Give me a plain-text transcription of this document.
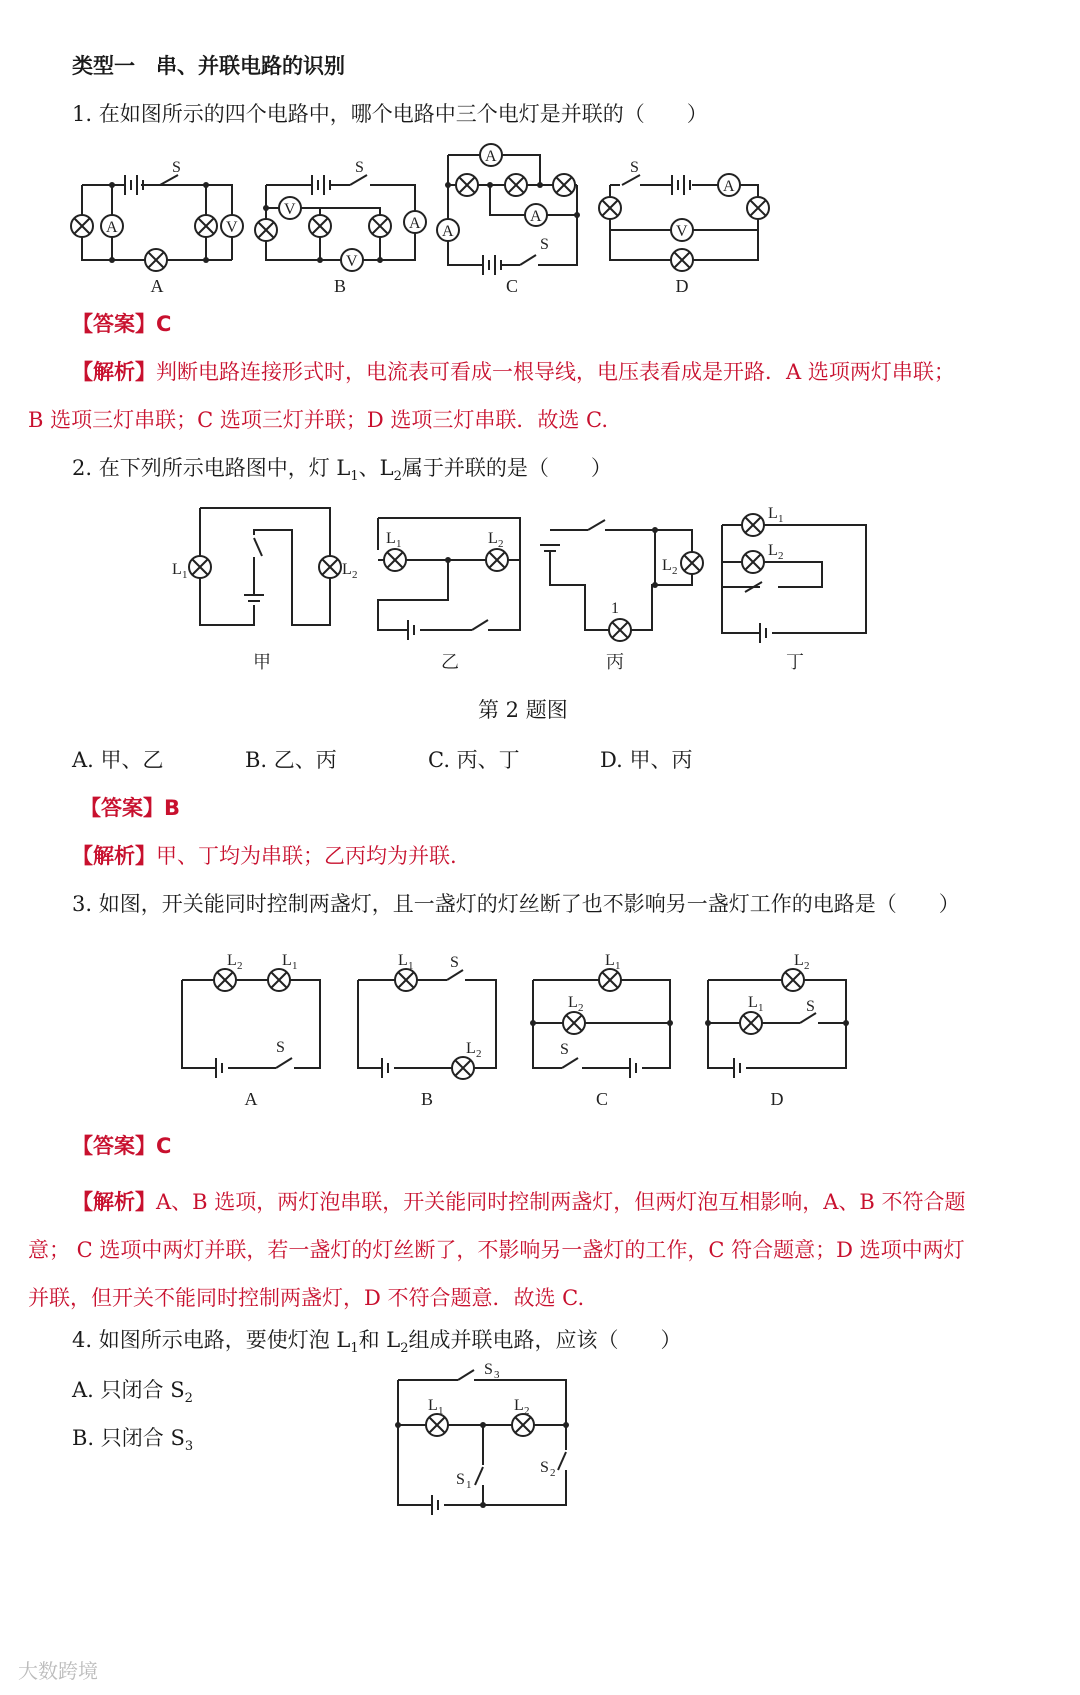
类型一　串、并联电路的识别
1. 在如图所示的四个电路中，哪个电路中三个电灯是并联的（　　）
S
A	V
A
S
V
A
V
B
S
A
A
A
C
S
A
V
D
【答案】C
【解析】判断电路连接形式时，电流表可看成一根导线，电压表看成是开路．A 选项两灯串联；
B 选项三灯串联；C 选项三灯并联；D 选项三灯串联．故选 C.
2. 在下列所示电路图中，灯 $L_1$、$L_2$属于并联的是（　　）
L 1	L 2
甲
L 1	L 2
乙
L 2
1
丙
L 1
L 2
丁
第 2 题图
A. 甲、乙	B. 乙、丙	C. 丙、丁	D. 甲、丙
【答案】B
【解析】甲、丁均为串联；乙丙均为并联.
3. 如图，开关能同时控制两盏灯，且一盏灯的灯丝断了也不影响另一盏灯工作的电路是（　　）
L 2 L 1
S
A
L 1 S
L 2
B
L 1
L 2
S
C
L 2
L 1	S
D
【答案】C
【解析】A、B 选项，两灯泡串联，开关能同时控制两盏灯，但两灯泡互相影响，A、B 不符合题意； C 选项中两灯并联，若一盏灯的灯丝断了，不影响另一盏灯的工作，C 符合题意；D 选项中两灯并联，但开关不能同时控制两盏灯，D 不符合题意．故选 C.
4. 如图所示电路，要使灯泡 $L_1$和 $L_2$组成并联电路，应该（　　）
A. 只闭合 $S_2$
B. 只闭合 $S_3$
S 3
L 1	L 2
S 1
S 2
大数跨境
